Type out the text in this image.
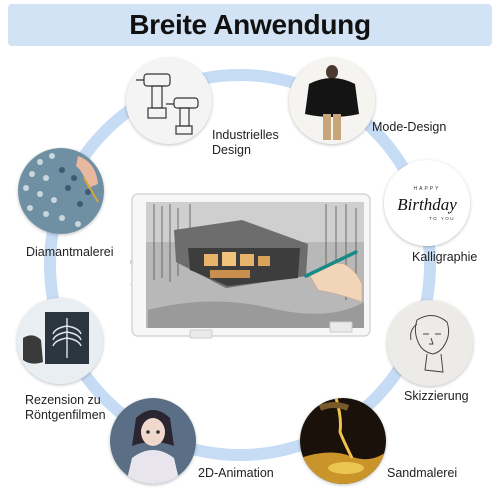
Breite Anwendung
Industrielles
Design
Mode-Design
HAPPY
Birthday
TO YOU
Kalligraphie
Diamantmalerei
Skizzierung
Rezension zu
Röntgenfilmen
Sandmalerei
2D-Animation
